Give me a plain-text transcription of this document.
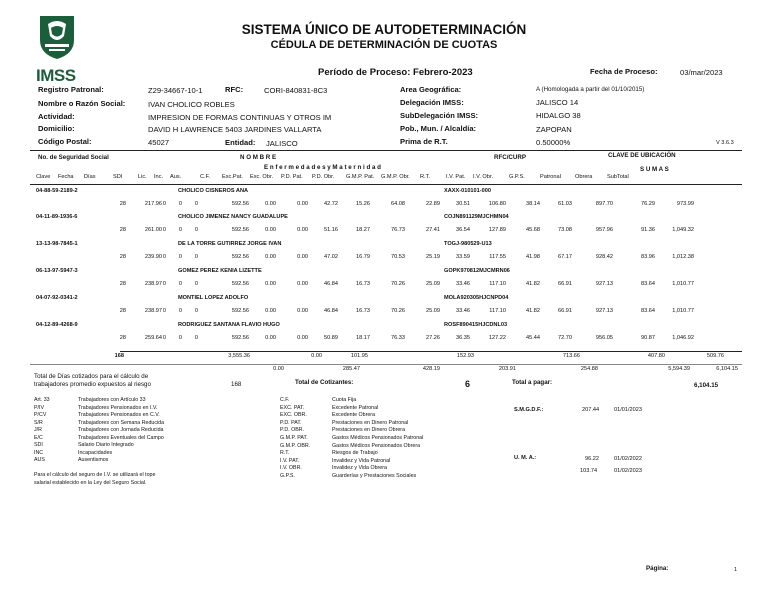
IMSS
SISTEMA ÚNICO DE AUTODETERMINACIÓN
CÉDULA DE DETERMINACIÓN DE CUOTAS
Período de Proceso: Febrero-2023	Fecha de Proceso:	03/mar/2023
Registro Patronal:	Z29-34667-10-1	RFC:	CORI-840831-8C3
Nombre o Razón Social:	IVAN CHOLICO ROBLES
Actividad:	IMPRESION DE FORMAS CONTINUAS Y OTROS IM
Domicilio:	DAVID H LAWRENCE 5403 JARDINES VALLARTA
Código Postal:	45027	Entidad: JALISCO
Area Geográfica:	A (Homologada a partir del 01/10/2015)
Delegación IMSS:	JALISCO 14
SubDelegación IMSS:	HIDALGO 38
Pob., Mun. / Alcaldía:	ZAPOPAN
Prima de R.T.	0.50000%	V 3.6.3
No. de Seguridad Social	N O M B R E	RFC/CURP	CLAVE DE UBICACIÓN
E n f e r m e d a d e s y M a t e r n i d a d	S U M A S
Clave Fecha Días	SDI	Lic. Inc. Aus.	C.F. Exc.Pat. Exc. Obr. P.D. Pat. P.D. Obr. G.M.P. Pat. G.M.P. Obr. R.T.	I.V. Pat. I.V. Obr.	G.P.S.	Patronal	Obrera	SubTotal
04-88-59-2189-2	CHOLICO CISNEROS ANA	XAXX-010101-000
28	217.96 0	0	0	592.56	0.00	0.00	42.72	15.26	64.08	22.89	30.51	106.80	38.14	61.03	897.70	76.29	973.99
04-11-89-1936-6	CHOLICO JIMENEZ NANCY GUADALUPE	COJN891129MJCHMN04
28	261.00 0	0	0	592.56	0.00	0.00	51.16	18.27	76.73	27.41	36.54	127.89	45.68	73.08	957.96	91.36	1,049.32
13-13-98-7845-1	DE LA TORRE GUTIRREZ JORGE IVAN	TOGJ-980529-U13
28	239.90 0	0	0	592.56	0.00	0.00	47.02	16.79	70.53	25.19	33.59	117.55	41.98	67.17	928.42	83.96	1,012.38
06-13-97-5947-3	GOMEZ PEREZ KENIA LIZETTE	GOPK970812MJCMRN06
28	238.97 0	0	0	592.56	0.00	0.00	46.84	16.73	70.26	25.09	33.46	117.10	41.82	66.91	927.13	83.64	1,010.77
04-07-92-0341-2	MONTIEL LOPEZ ADOLFO	MOLA920305HJCNPD04
28	238.97 0	0	0	592.56	0.00	0.00	46.84	16.73	70.26	25.09	33.46	117.10	41.82	66.91	927.13	83.64	1,010.77
04-12-89-4268-9	RODRIGUEZ SANTANA FLAVIO HUGO	ROSF890415HJCDNL03
28	259.64 0	0	0	592.56	0.00	0.00	50.89	18.17	76.33	27.26	36.35	127.22	45.44	72.70	956.05	90.87	1,046.92
168	3,555.36	0.00	101.95	152.93	713.66	407.80	509.76
0.00	285.47	428.19	203.91	254.88	5,594.39	6,104.15
Total de Días cotizados para el cálculo de
trabajadores promedio expuestos al riesgo	168	Total de Cotizantes:	6	Total a pagar:	6,104.15
Art. 33	Trabajadores con Artículo 33
P/IV	Trabajadores Pensionados en I.V.
P/CV	Trabajadores Pensionados en C.V.
S/R	Trabajadores con Semana Reducida
J/R	Trabajadores con Jornada Reducida
E/C	Trabajadores Eventuales del Campo
SDI	Salario Diario Integrado
INC	Incapacidades
AUS	Ausentismos
Para el cálculo del seguro de I.V. se utilizará el tope
salarial establecido en la Ley del Seguro Social.
C.F.	Cuota Fija
EXC. PAT.	Excedente Patronal
EXC. OBR.	Excedente Obrera
P.D. PAT.	Prestaciones en Dinero Patronal
P.D. OBR.	Prestaciones en Dinero Obrera
G.M.P. PAT.	Gastos Médicos Pensionados Patronal
G.M.P. OBR.	Gastos Médicos Pensionados Obrera
R.T.	Riesgos de Trabajo
I.V. PAT.	Invalidez y Vida Patronal
I.V. OBR.	Invalidez y Vida Obrera
G.P.S.	Guarderías y Prestaciones Sociales
S.M.G.D.F.:	207.44	01/01/2023
U. M. A.:	96.22	01/02/2022
103.74	01/02/2023
Página:	1
